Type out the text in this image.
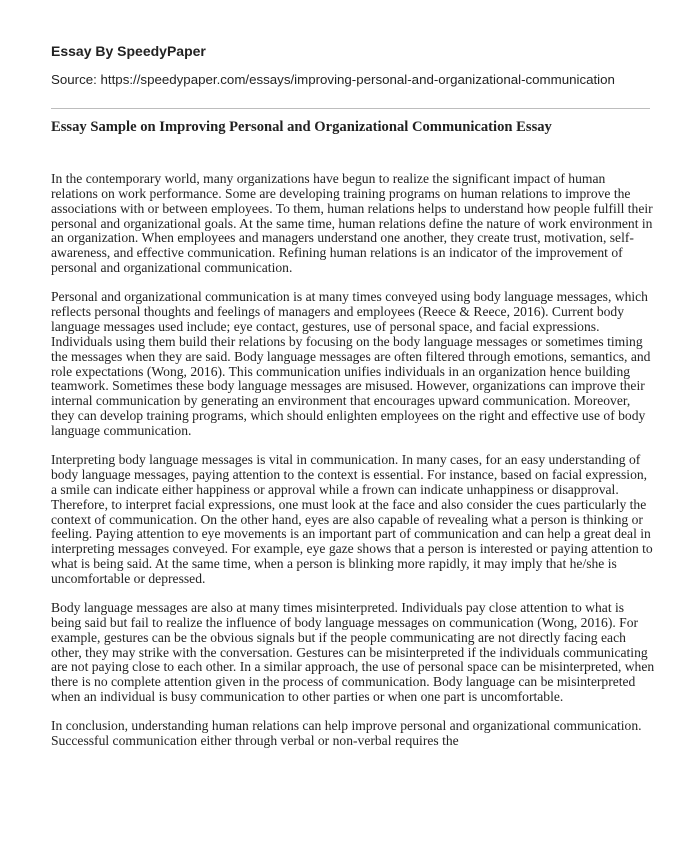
Essay By SpeedyPaper
Source: https://speedypaper.com/essays/improving-personal-and-organizational-communication
Essay Sample on Improving Personal and Organizational Communication Essay

In the contemporary world, many organizations have begun to realize the significant impact of human relations on work performance. Some are developing training programs on human relations to improve the associations with or between employees. To them, human relations helps to understand how people fulfill their personal and organizational goals. At the same time, human relations define the nature of work environment in an organization. When employees and managers understand one another, they create trust, motivation, self-awareness, and effective communication. Refining human relations is an indicator of the improvement of personal and organizational communication.

Personal and organizational communication is at many times conveyed using body language messages, which reflects personal thoughts and feelings of managers and employees (Reece & Reece, 2016). Current body language messages used include; eye contact, gestures, use of personal space, and facial expressions. Individuals using them build their relations by focusing on the body language messages or sometimes timing the messages when they are said. Body language messages are often filtered through emotions, semantics, and role expectations (Wong, 2016). This communication unifies individuals in an organization hence building teamwork. Sometimes these body language messages are misused. However, organizations can improve their internal communication by generating an environment that encourages upward communication. Moreover, they can develop training programs, which should enlighten employees on the right and effective use of body language communication.

Interpreting body language messages is vital in communication. In many cases, for an easy understanding of body language messages, paying attention to the context is essential. For instance, based on facial expression, a smile can indicate either happiness or approval while a frown can indicate unhappiness or disapproval. Therefore, to interpret facial expressions, one must look at the face and also consider the cues particularly the context of communication. On the other hand, eyes are also capable of revealing what a person is thinking or feeling. Paying attention to eye movements is an important part of communication and can help a great deal in interpreting messages conveyed. For example, eye gaze shows that a person is interested or paying attention to what is being said. At the same time, when a person is blinking more rapidly, it may imply that he/she is uncomfortable or depressed.

Body language messages are also at many times misinterpreted. Individuals pay close attention to what is being said but fail to realize the influence of body language messages on communication (Wong, 2016). For example, gestures can be the obvious signals but if the people communicating are not directly facing each other, they may strike with the conversation. Gestures can be misinterpreted if the individuals communicating are not paying close to each other. In a similar approach, the use of personal space can be misinterpreted, when there is no complete attention given in the process of communication. Body language can be misinterpreted when an individual is busy communication to other parties or when one part is uncomfortable.

In conclusion, understanding human relations can help improve personal and organizational communication. Successful communication either through verbal or non-verbal requires the
